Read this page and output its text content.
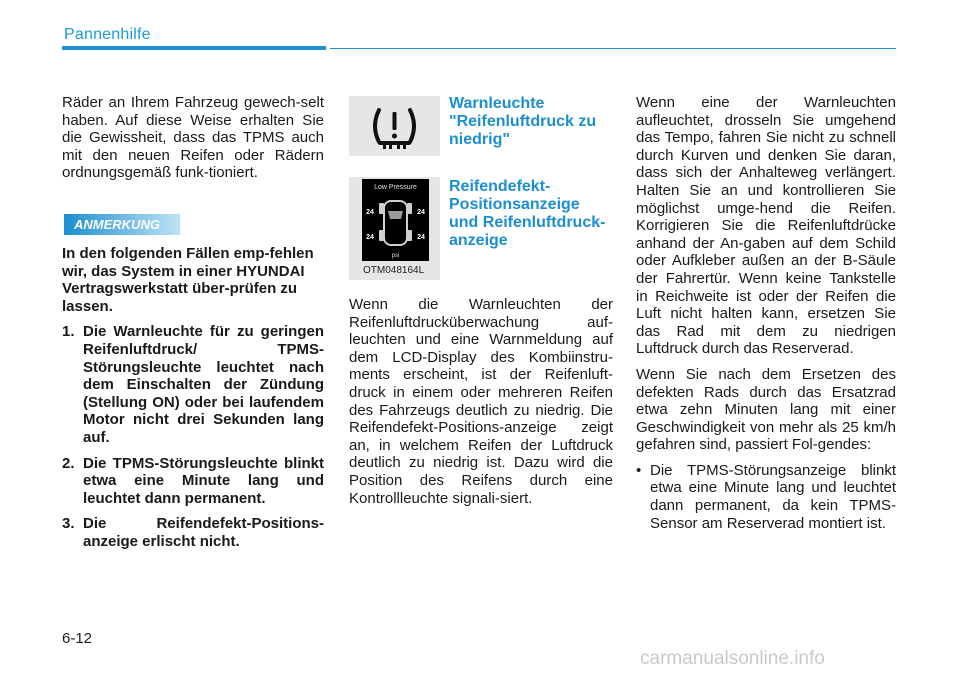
Pannenhilfe

Räder an Ihrem Fahrzeug gewech-selt haben. Auf diese Weise erhalten Sie die Gewissheit, dass das TPMS auch mit den neuen Reifen oder Rädern ordnungsgemäß funk-tioniert.

ANMERKUNG

In den folgenden Fällen emp-fehlen wir, das System in einer HYUNDAI Vertragswerkstatt über-prüfen zu lassen.

1. Die Warnleuchte für zu geringen Reifenluftdruck/ TPMS-Störungsleuchte leuchtet nach dem Einschalten der Zündung (Stellung ON) oder bei laufendem Motor nicht drei Sekunden lang auf.
2. Die TPMS-Störungsleuchte blinkt etwa eine Minute lang und leuchtet dann permanent.
3. Die Reifendefekt-Positions-anzeige erlischt nicht.
Warnleuchte "Reifenluftdruck zu niedrig"
Low Pressure
24	24
24	24
psi
OTM048164L
Reifendefekt-Positionsanzeige und Reifenluftdruck-anzeige

Wenn die Warnleuchten der Reifenluftdrucküberwachung auf-leuchten und eine Warnmeldung auf dem LCD-Display des Kombiinstru-ments erscheint, ist der Reifenluft-druck in einem oder mehreren Reifen des Fahrzeugs deutlich zu niedrig. Die Reifendefekt-Positions-anzeige zeigt an, in welchem Reifen der Luftdruck deutlich zu niedrig ist. Dazu wird die Position des Reifens durch eine Kontrollleuchte signali-siert.

Wenn eine der Warnleuchten aufleuchtet, drosseln Sie umgehend das Tempo, fahren Sie nicht zu schnell durch Kurven und denken Sie daran, dass sich der Anhalteweg verlängert. Halten Sie an und kontrollieren Sie möglichst umge-hend die Reifen. Korrigieren Sie die Reifenluftdrücke anhand der An-gaben auf dem Schild oder Aufkleber außen an der B-Säule der Fahrertür. Wenn keine Tankstelle in Reichweite ist oder der Reifen die Luft nicht halten kann, ersetzen Sie das Rad mit dem zu niedrigen Luftdruck durch das Reserverad.

Wenn Sie nach dem Ersetzen des defekten Rads durch das Ersatzrad etwa zehn Minuten lang mit einer Geschwindigkeit von mehr als 25 km/h gefahren sind, passiert Fol-gendes:

• Die TPMS-Störungsanzeige blinkt etwa eine Minute lang und leuchtet dann permanent, da kein TPMS-Sensor am Reserverad montiert ist.
6-12
carmanualsonline.info
